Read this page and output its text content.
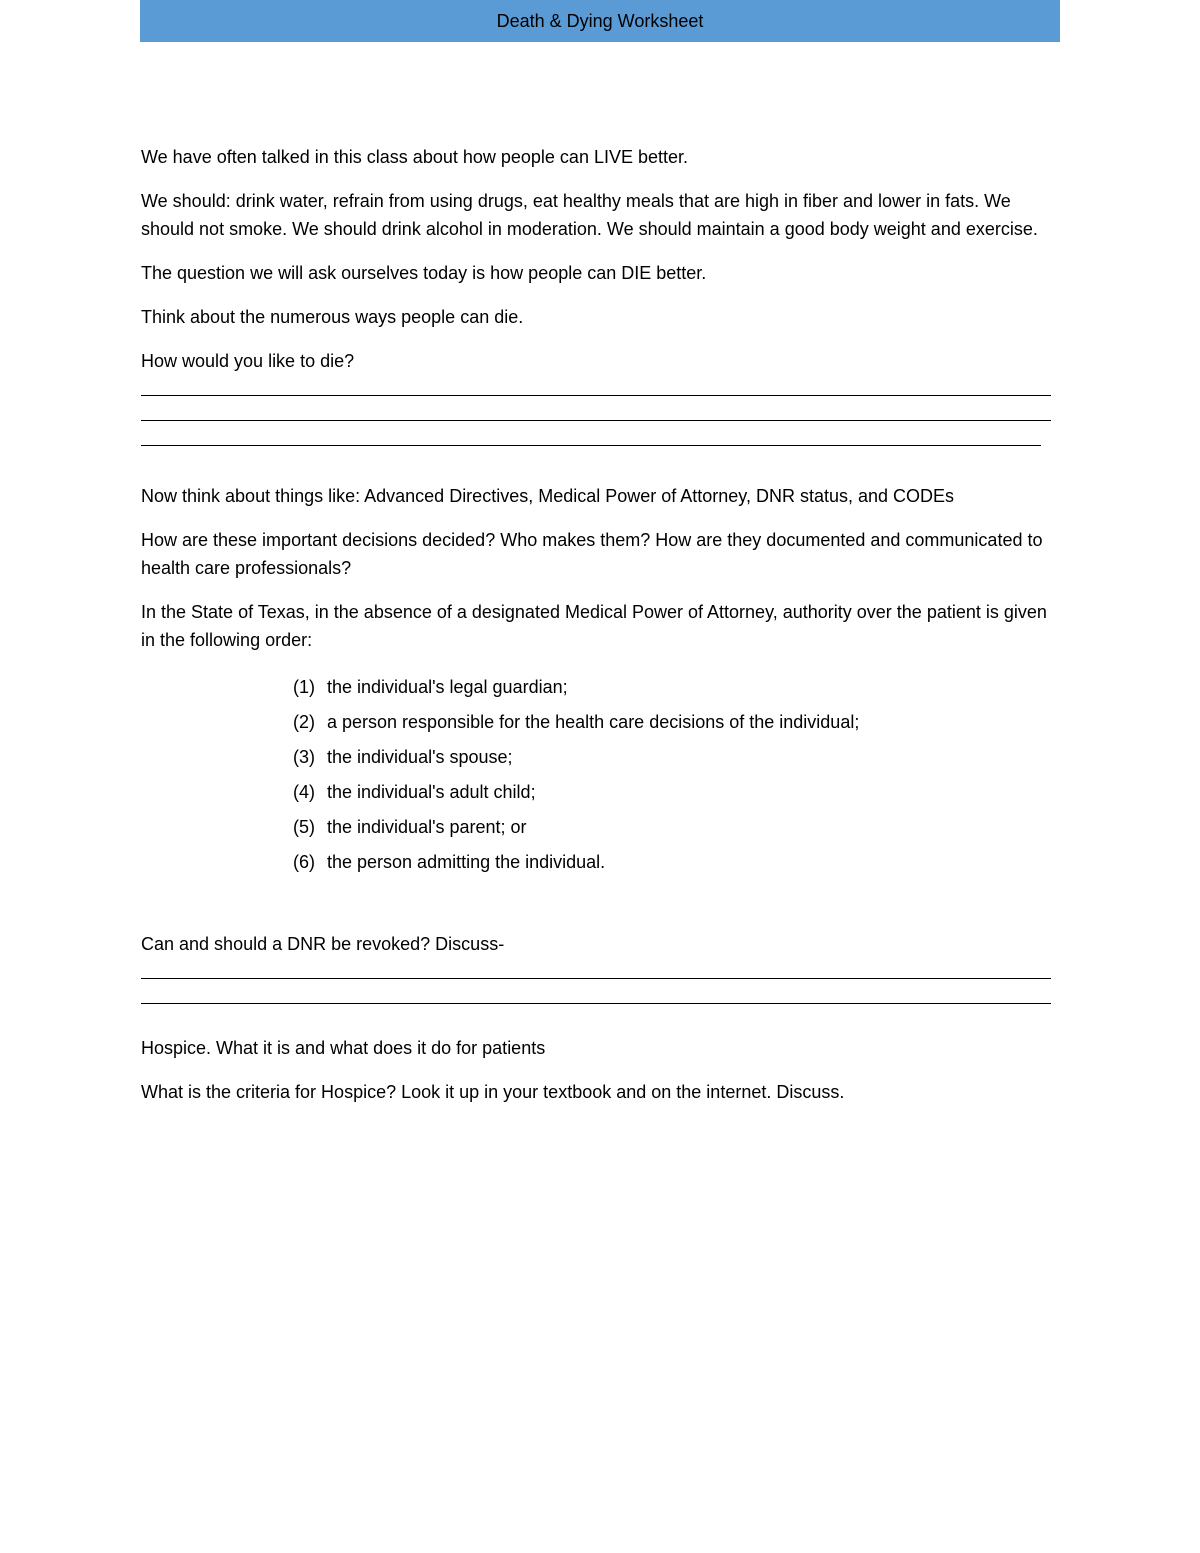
Death & Dying Worksheet

We have often talked in this class about how people can LIVE better.

We should: drink water, refrain from using drugs, eat healthy meals that are high in fiber and lower in fats. We should not smoke. We should drink alcohol in moderation. We should maintain a good body weight and exercise.

The question we will ask ourselves today is how people can DIE better.

Think about the numerous ways people can die.

How would you like to die?

Now think about things like: Advanced Directives, Medical Power of Attorney, DNR status, and CODEs

How are these important decisions decided? Who makes them? How are they documented and communicated to health care professionals?

In the State of Texas, in the absence of a designated Medical Power of Attorney, authority over the patient is given in the following order:

(1) the individual's legal guardian;
(2) a person responsible for the health care decisions of the individual;
(3) the individual's spouse;
(4) the individual's adult child;
(5) the individual's parent; or
(6) the person admitting the individual.

Can and should a DNR be revoked? Discuss-

Hospice. What it is and what does it do for patients

What is the criteria for Hospice? Look it up in your textbook and on the internet. Discuss.
